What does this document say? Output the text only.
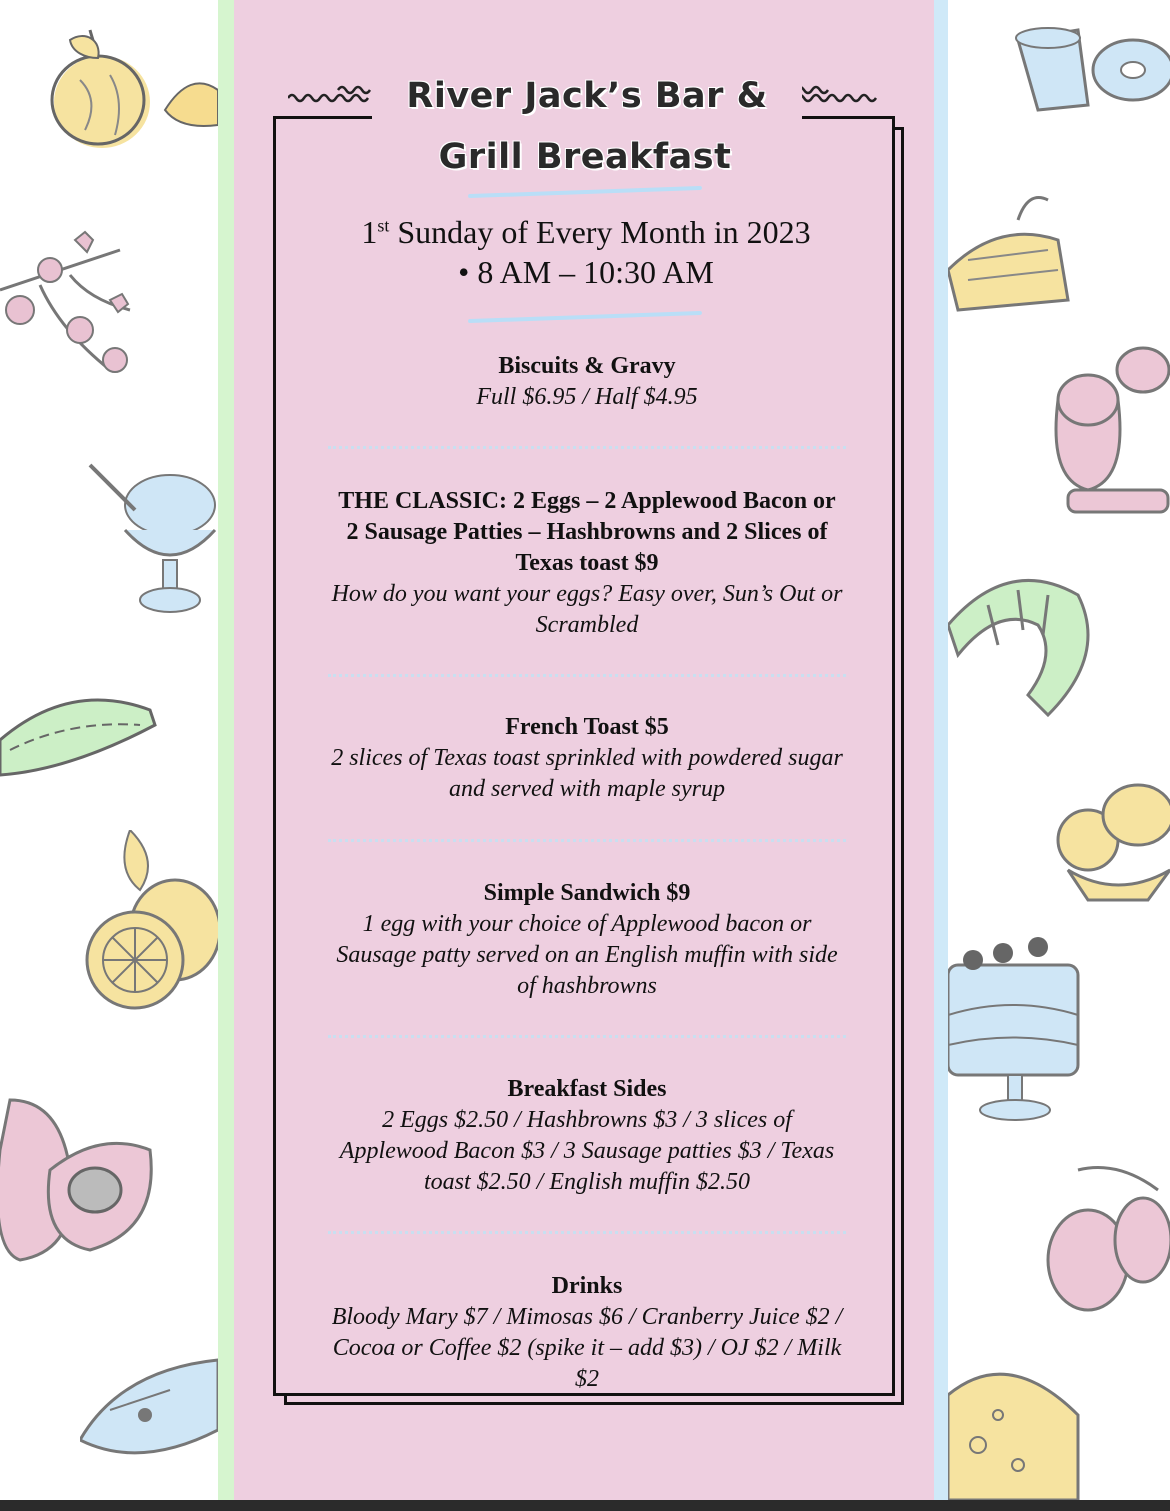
River Jack’s Bar &
Grill Breakfast
1st Sunday of Every Month in 2023
• 8 AM – 10:30 AM
Biscuits & Gravy
Full $6.95 / Half $4.95
THE CLASSIC: 2 Eggs – 2 Applewood Bacon or 2 Sausage Patties – Hashbrowns and 2 Slices of Texas toast $9
How do you want your eggs? Easy over, Sun’s Out or Scrambled
French Toast $5
2 slices of Texas toast sprinkled with powdered sugar and served with maple syrup
Simple Sandwich $9
1 egg with your choice of Applewood bacon or Sausage patty served on an English muffin with side of hashbrowns
Breakfast Sides
2 Eggs $2.50 / Hashbrowns $3 / 3 slices of Applewood Bacon $3 / 3 Sausage patties $3 / Texas toast $2.50 / English muffin $2.50
Drinks
Bloody Mary $7 / Mimosas $6 / Cranberry Juice $2 / Cocoa or Coffee $2 (spike it – add $3) / OJ $2 / Milk $2
